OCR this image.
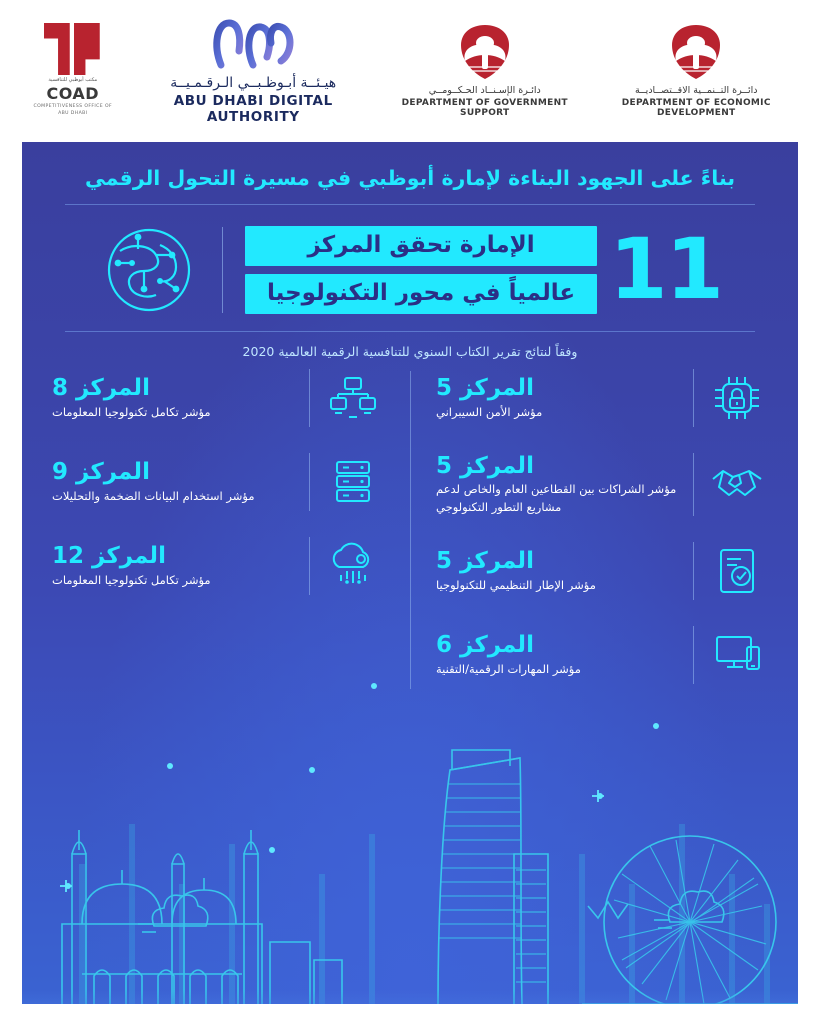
مكتب أبوظبي للتنافسية
COAD
COMPETITIVENESS OFFICE OF ABU DHABI
هيـئــة أبـوظـبــي الـرقـمـيــة
ABU DHABI DIGITAL AUTHORITY
دائـرة الإسـنــاد الحـكــومــي
DEPARTMENT OF GOVERNMENT SUPPORT
دائــرة التــنمــية الاقــتصــاديــة
DEPARTMENT OF ECONOMIC DEVELOPMENT
بناءً على الجهود البناءة لإمارة أبوظبي في مسيرة التحول الرقمي
11
الإمارة تحقق المركز
عالمياً في محور التكنولوجيا
وفقاً لنتائج تقرير الكتاب السنوي للتنافسية الرقمية العالمية 2020
المركز 5
مؤشر الأمن السيبراني
المركز 5
مؤشر الشراكات بين القطاعين العام والخاص لدعم مشاريع التطور التكنولوجي
المركز 5
مؤشر الإطار التنظيمي للتكنولوجيا
المركز 6
مؤشر المهارات الرقمية/التقنية
المركز 8
مؤشر تكامل تكنولوجيا المعلومات
المركز 9
مؤشر استخدام البيانات الضخمة والتحليلات
المركز 12
مؤشر تكامل تكنولوجيا المعلومات
